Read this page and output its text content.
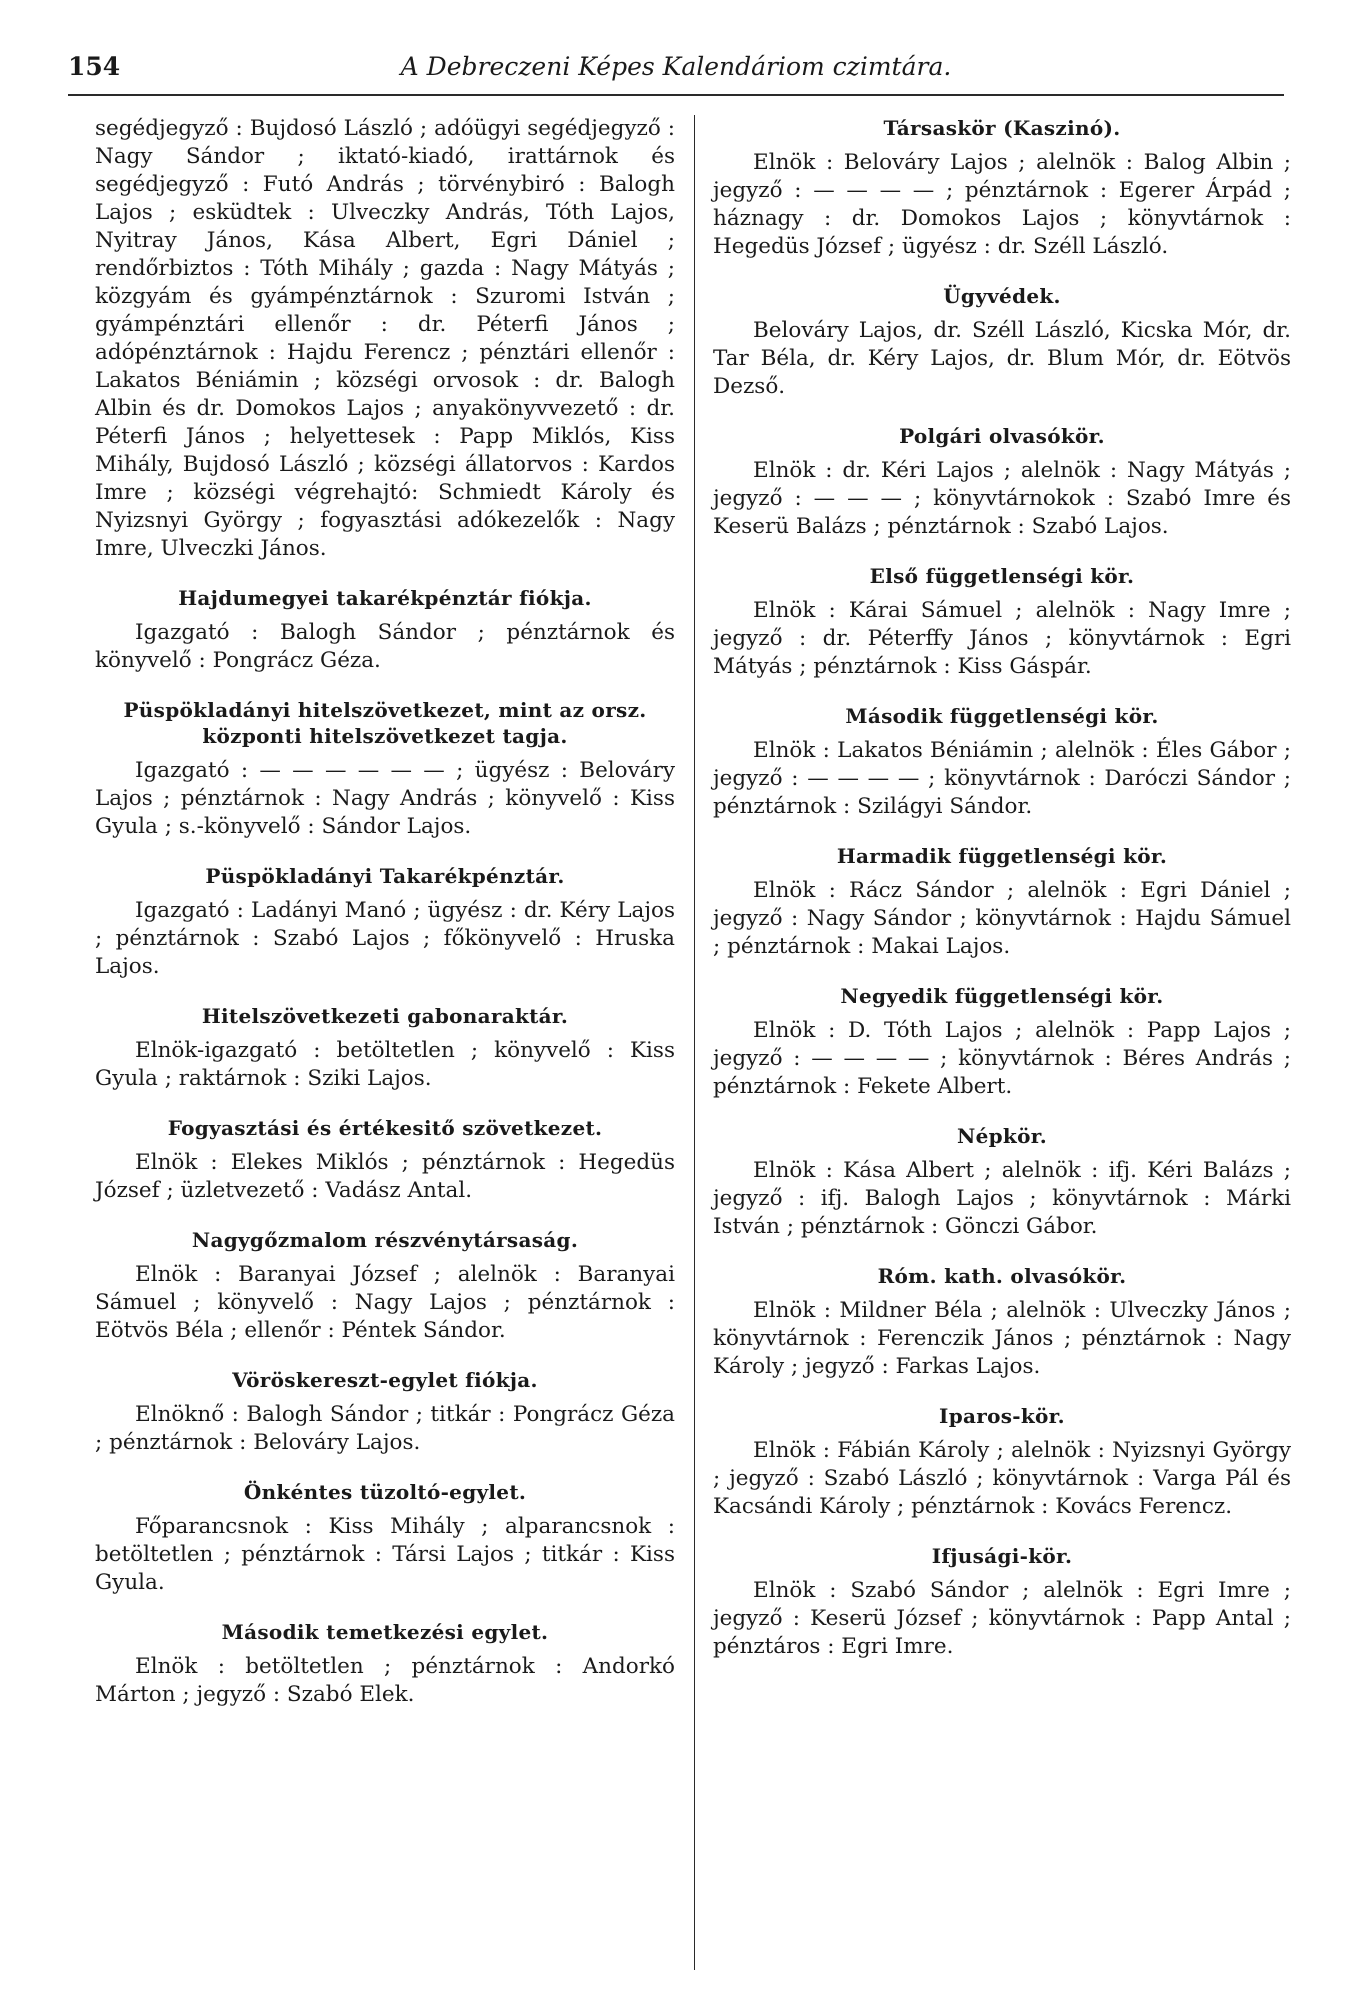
154	A Debreczeni Képes Kalendáriom czimtára.

segédjegyző : Bujdosó László ; adóügyi segédjegyző : Nagy Sándor ; iktató-kiadó, irattárnok és segédjegyző : Futó András ; törvénybiró : Balogh Lajos ; esküdtek : Ulveczky András, Tóth Lajos, Nyitray János, Kása Albert, Egri Dániel ; rendőrbiztos : Tóth Mihály ; gazda : Nagy Mátyás ; közgyám és gyámpénztárnok : Szuromi István ; gyámpénztári ellenőr : dr. Péterfi János ; adópénztárnok : Hajdu Ferencz ; pénztári ellenőr : Lakatos Béniámin ; községi orvosok : dr. Balogh Albin és dr. Domokos Lajos ; anyakönyvvezető : dr. Péterfi János ; helyettesek : Papp Miklós, Kiss Mihály, Bujdosó László ; községi állatorvos : Kardos Imre ; községi végrehajtó: Schmiedt Károly és Nyizsnyi György ; fogyasztási adókezelők : Nagy Imre, Ulveczki János.

Hajdumegyei takarékpénztár fiókja.

Igazgató : Balogh Sándor ; pénztárnok és könyvelő : Pongrácz Géza.

Püspökladányi hitelszövetkezet, mint az orsz. központi hitelszövetkezet tagja.

Igazgató : — — — — — — ; ügyész : Belováry Lajos ; pénztárnok : Nagy András ; könyvelő : Kiss Gyula ; s.-könyvelő : Sándor Lajos.

Püspökladányi Takarékpénztár.

Igazgató : Ladányi Manó ; ügyész : dr. Kéry Lajos ; pénztárnok : Szabó Lajos ; főkönyvelő : Hruska Lajos.

Hitelszövetkezeti gabonaraktár.

Elnök-igazgató : betöltetlen ; könyvelő : Kiss Gyula ; raktárnok : Sziki Lajos.

Fogyasztási és értékesitő szövetkezet.

Elnök : Elekes Miklós ; pénztárnok : Hegedüs József ; üzletvezető : Vadász Antal.

Nagygőzmalom részvénytársaság.

Elnök : Baranyai József ; alelnök : Baranyai Sámuel ; könyvelő : Nagy Lajos ; pénztárnok : Eötvös Béla ; ellenőr : Péntek Sándor.

Vöröskereszt-egylet fiókja.

Elnöknő : Balogh Sándor ; titkár : Pongrácz Géza ; pénztárnok : Belováry Lajos.

Önkéntes tüzoltó-egylet.

Főparancsnok : Kiss Mihály ; alparancsnok : betöltetlen ; pénztárnok : Társi Lajos ; titkár : Kiss Gyula.

Második temetkezési egylet.

Elnök : betöltetlen ; pénztárnok : Andorkó Márton ; jegyző : Szabó Elek.

Társaskör (Kaszinó).

Elnök : Belováry Lajos ; alelnök : Balog Albin ; jegyző : — — — — ; pénztárnok : Egerer Árpád ; háznagy : dr. Domokos Lajos ; könyvtárnok : Hegedüs József ; ügyész : dr. Széll László.

Ügyvédek.

Belováry Lajos, dr. Széll László, Kicska Mór, dr. Tar Béla, dr. Kéry Lajos, dr. Blum Mór, dr. Eötvös Dezső.

Polgári olvasókör.

Elnök : dr. Kéri Lajos ; alelnök : Nagy Mátyás ; jegyző : — — — ; könyvtárnokok : Szabó Imre és Keserü Balázs ; pénztárnok : Szabó Lajos.

Első függetlenségi kör.

Elnök : Kárai Sámuel ; alelnök : Nagy Imre ; jegyző : dr. Péterffy János ; könyvtárnok : Egri Mátyás ; pénztárnok : Kiss Gáspár.

Második függetlenségi kör.

Elnök : Lakatos Béniámin ; alelnök : Éles Gábor ; jegyző : — — — — ; könyvtárnok : Daróczi Sándor ; pénztárnok : Szilágyi Sándor.

Harmadik függetlenségi kör.

Elnök : Rácz Sándor ; alelnök : Egri Dániel ; jegyző : Nagy Sándor ; könyvtárnok : Hajdu Sámuel ; pénztárnok : Makai Lajos.

Negyedik függetlenségi kör.

Elnök : D. Tóth Lajos ; alelnök : Papp Lajos ; jegyző : — — — — ; könyvtárnok : Béres András ; pénztárnok : Fekete Albert.

Népkör.

Elnök : Kása Albert ; alelnök : ifj. Kéri Balázs ; jegyző : ifj. Balogh Lajos ; könyvtárnok : Márki István ; pénztárnok : Gönczi Gábor.

Róm. kath. olvasókör.

Elnök : Mildner Béla ; alelnök : Ulveczky János ; könyvtárnok : Ferenczik János ; pénztárnok : Nagy Károly ; jegyző : Farkas Lajos.

Iparos-kör.

Elnök : Fábián Károly ; alelnök : Nyizsnyi György ; jegyző : Szabó László ; könyvtárnok : Varga Pál és Kacsándi Károly ; pénztárnok : Kovács Ferencz.

Ifjusági-kör.

Elnök : Szabó Sándor ; alelnök : Egri Imre ; jegyző : Keserü József ; könyvtárnok : Papp Antal ; pénztáros : Egri Imre.
